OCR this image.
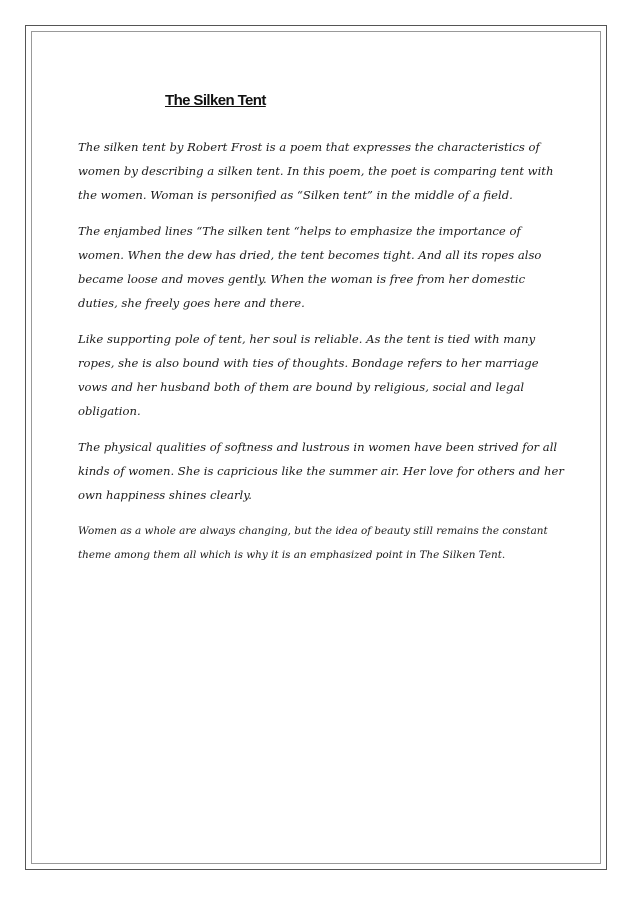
The Silken Tent

The silken tent by Robert Frost is a poem that expresses the characteristics of women by describing a silken tent. In this poem, the poet is comparing tent with the women. Woman is personified as “Silken tent” in the middle of a field.

The enjambed lines “The silken tent “helps to emphasize the importance of women. When the dew has dried, the tent becomes tight. And all its ropes also became loose and moves gently. When the woman is free from her domestic duties, she freely goes here and there.

Like supporting pole of tent, her soul is reliable. As the tent is tied with many ropes, she is also bound with ties of thoughts. Bondage refers to her marriage vows and her husband both of them are bound by religious, social and legal obligation.

The physical qualities of softness and lustrous in women have been strived for all kinds of women. She is capricious like the summer air. Her love for others and her own happiness shines clearly.

Women as a whole are always changing, but the idea of beauty still remains the constant theme among them all which is why it is an emphasized point in The Silken Tent.
